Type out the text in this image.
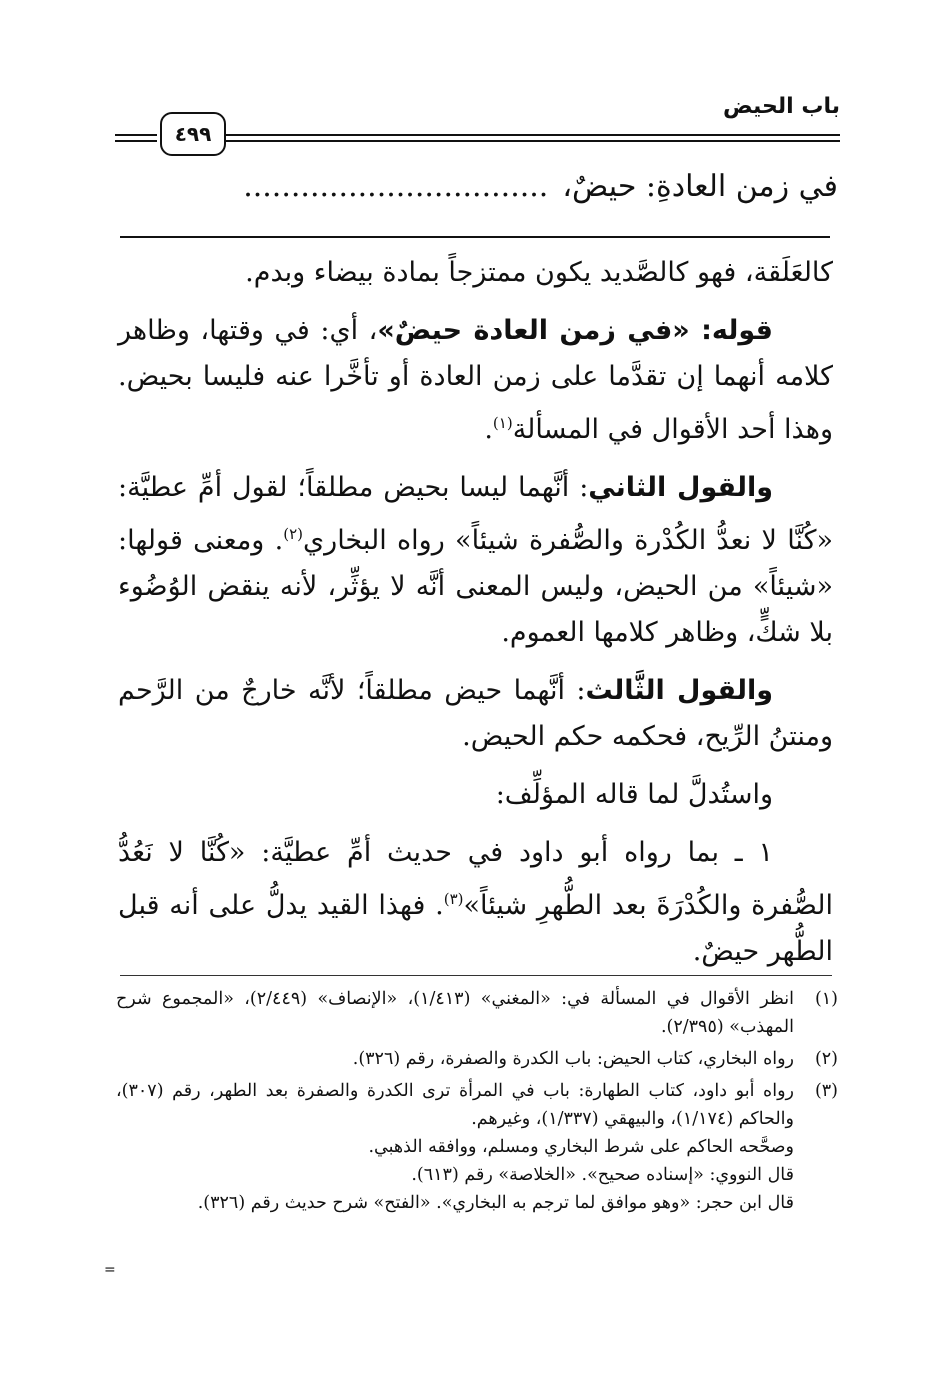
باب الحيض
٤٩٩
في زمن العادةِ: حيضٌ،................................

كالعَلَقة، فهو كالصَّديد يكون ممتزجاً بمادة بيضاء وبدم.

قوله: «في زمن العادة حيضٌ»، أي: في وقتها، وظاهر كلامه أنهما إن تقدَّما على زمن العادة أو تأخَّرا عنه فليسا بحيض. وهذا أحد الأقوال في المسألة$^{(١)}$.

والقول الثاني: أنَّهما ليسا بحيض مطلقاً؛ لقول أمِّ عطيَّة: «كُنَّا لا نعدُّ الكُدْرة والصُّفرة شيئاً» رواه البخاري$^{(٢)}$. ومعنى قولها: «شيئاً» من الحيض، وليس المعنى أنَّه لا يؤثِّر، لأنه ينقض الوُضُوء بلا شكٍّ، وظاهر كلامها العموم.

والقول الثَّالث: أنَّهما حيض مطلقاً؛ لأنَّه خارجٌ من الرَّحم ومنتنُ الرِّيح، فحكمه حكم الحيض.

واستُدلَّ لما قاله المؤلِّف:

١ ـ بما رواه أبو داود في حديث أمِّ عطيَّة: «كُنَّا لا نَعُدُّ الصُّفرة والكُدْرَةَ بعد الطُّهرِ شيئاً»$^{(٣)}$. فهذا القيد يدلُّ على أنه قبل الطُّهر حيضٌ.

(١)
انظر الأقوال في المسألة في: «المغني» (١/٤١٣)، «الإنصاف» (٢/٤٤٩)، «المجموع شرح المهذب» (٢/٣٩٥).
(٢)
رواه البخاري، كتاب الحيض: باب الكدرة والصفرة، رقم (٣٢٦).
(٣)
رواه أبو داود، كتاب الطهارة: باب في المرأة ترى الكدرة والصفرة بعد الطهر، رقم (٣٠٧)، والحاكم (١/١٧٤)، والبيهقي (١/٣٣٧)، وغيرهم.
وصحَّحه الحاكم على شرط البخاري ومسلم، ووافقه الذهبي.
قال النووي: «إسناده صحيح». «الخلاصة» رقم (٦١٣).
قال ابن حجر: «وهو موافق لما ترجم به البخاري». «الفتح» شرح حديث رقم (٣٢٦).
=
